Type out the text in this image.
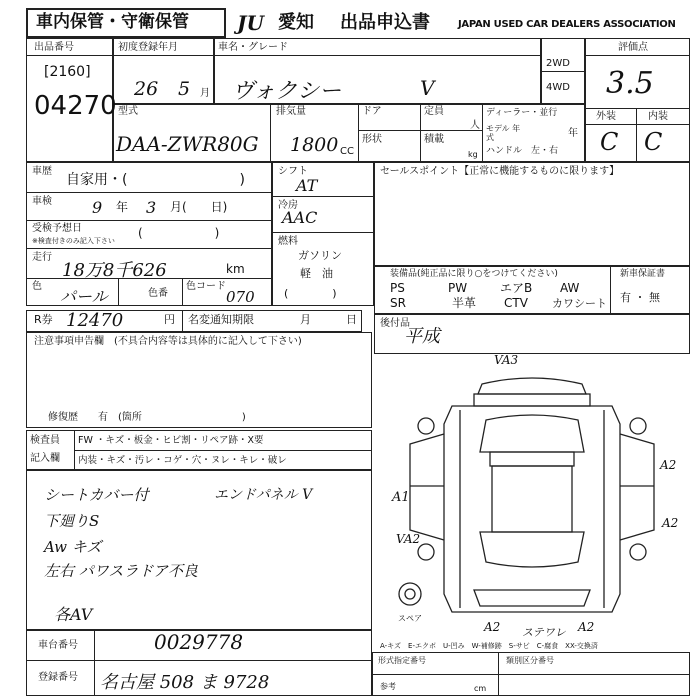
車内保管・守衛保管 JU 愛知 出品申込書	JAPAN USED CAR DEALERS ASSOCIATION
出品番号
[2160]
04270
初度登録年月
26 5 月
車名・グレード
ヴォクシー	V
2WD
4WD
評価点
3.5
外装	内装
C C
型式
DAA-ZWR80G
排気量
1800 CC
ドア
形状
定員
人
積載
kg
ディーラー・並行
モデル 年式	年
ハンドル　左・右
車歴
自家用・(　　　　　　　　)
車検	9 年 3 月(　　日)
受検予想日
※検査付きのみ記入下さい
(　　　　　　)
走行
18万8千626	km
色
パール	色番
色コード
070
シフト
AT
冷房
AAC
燃料
ガソリン
軽　油
(　　　　)
セールスポイント【正常に機能するものに限ります】
装備品(純正品に限り○をつけてください)
PS	PW	エアB AW
SR	半革 CTV カワシート
新車保証書
有 ・ 無
R券 12470	円 名変通知期限	月	日
注意事項申告欄　(不具合内容等は具体的に記入して下さい)
修復歴　　有　(箇所　　　　　　　　　　)
検査員
記入欄
FW ・キズ・板金・ヒビ割・リペア跡・X要
内装・キズ・汚レ・コゲ・穴・ヌレ・キレ・破レ
シートカバー付	エンドパネル V
下廻りS
Aw キズ
左右 パワスラドア不良
各AV
後付品
平成
VA3
A2
A1
VA2
A2
A2	A2
スペア
ステワレ
A-キズ　E-エクボ　U-凹み　W-補修跡　S-サビ　C-腐食　XX-交換済
車台番号	0029778
登録番号 名古屋 508 ま 9728
形式指定番号	類別区分番号
参考	cm
